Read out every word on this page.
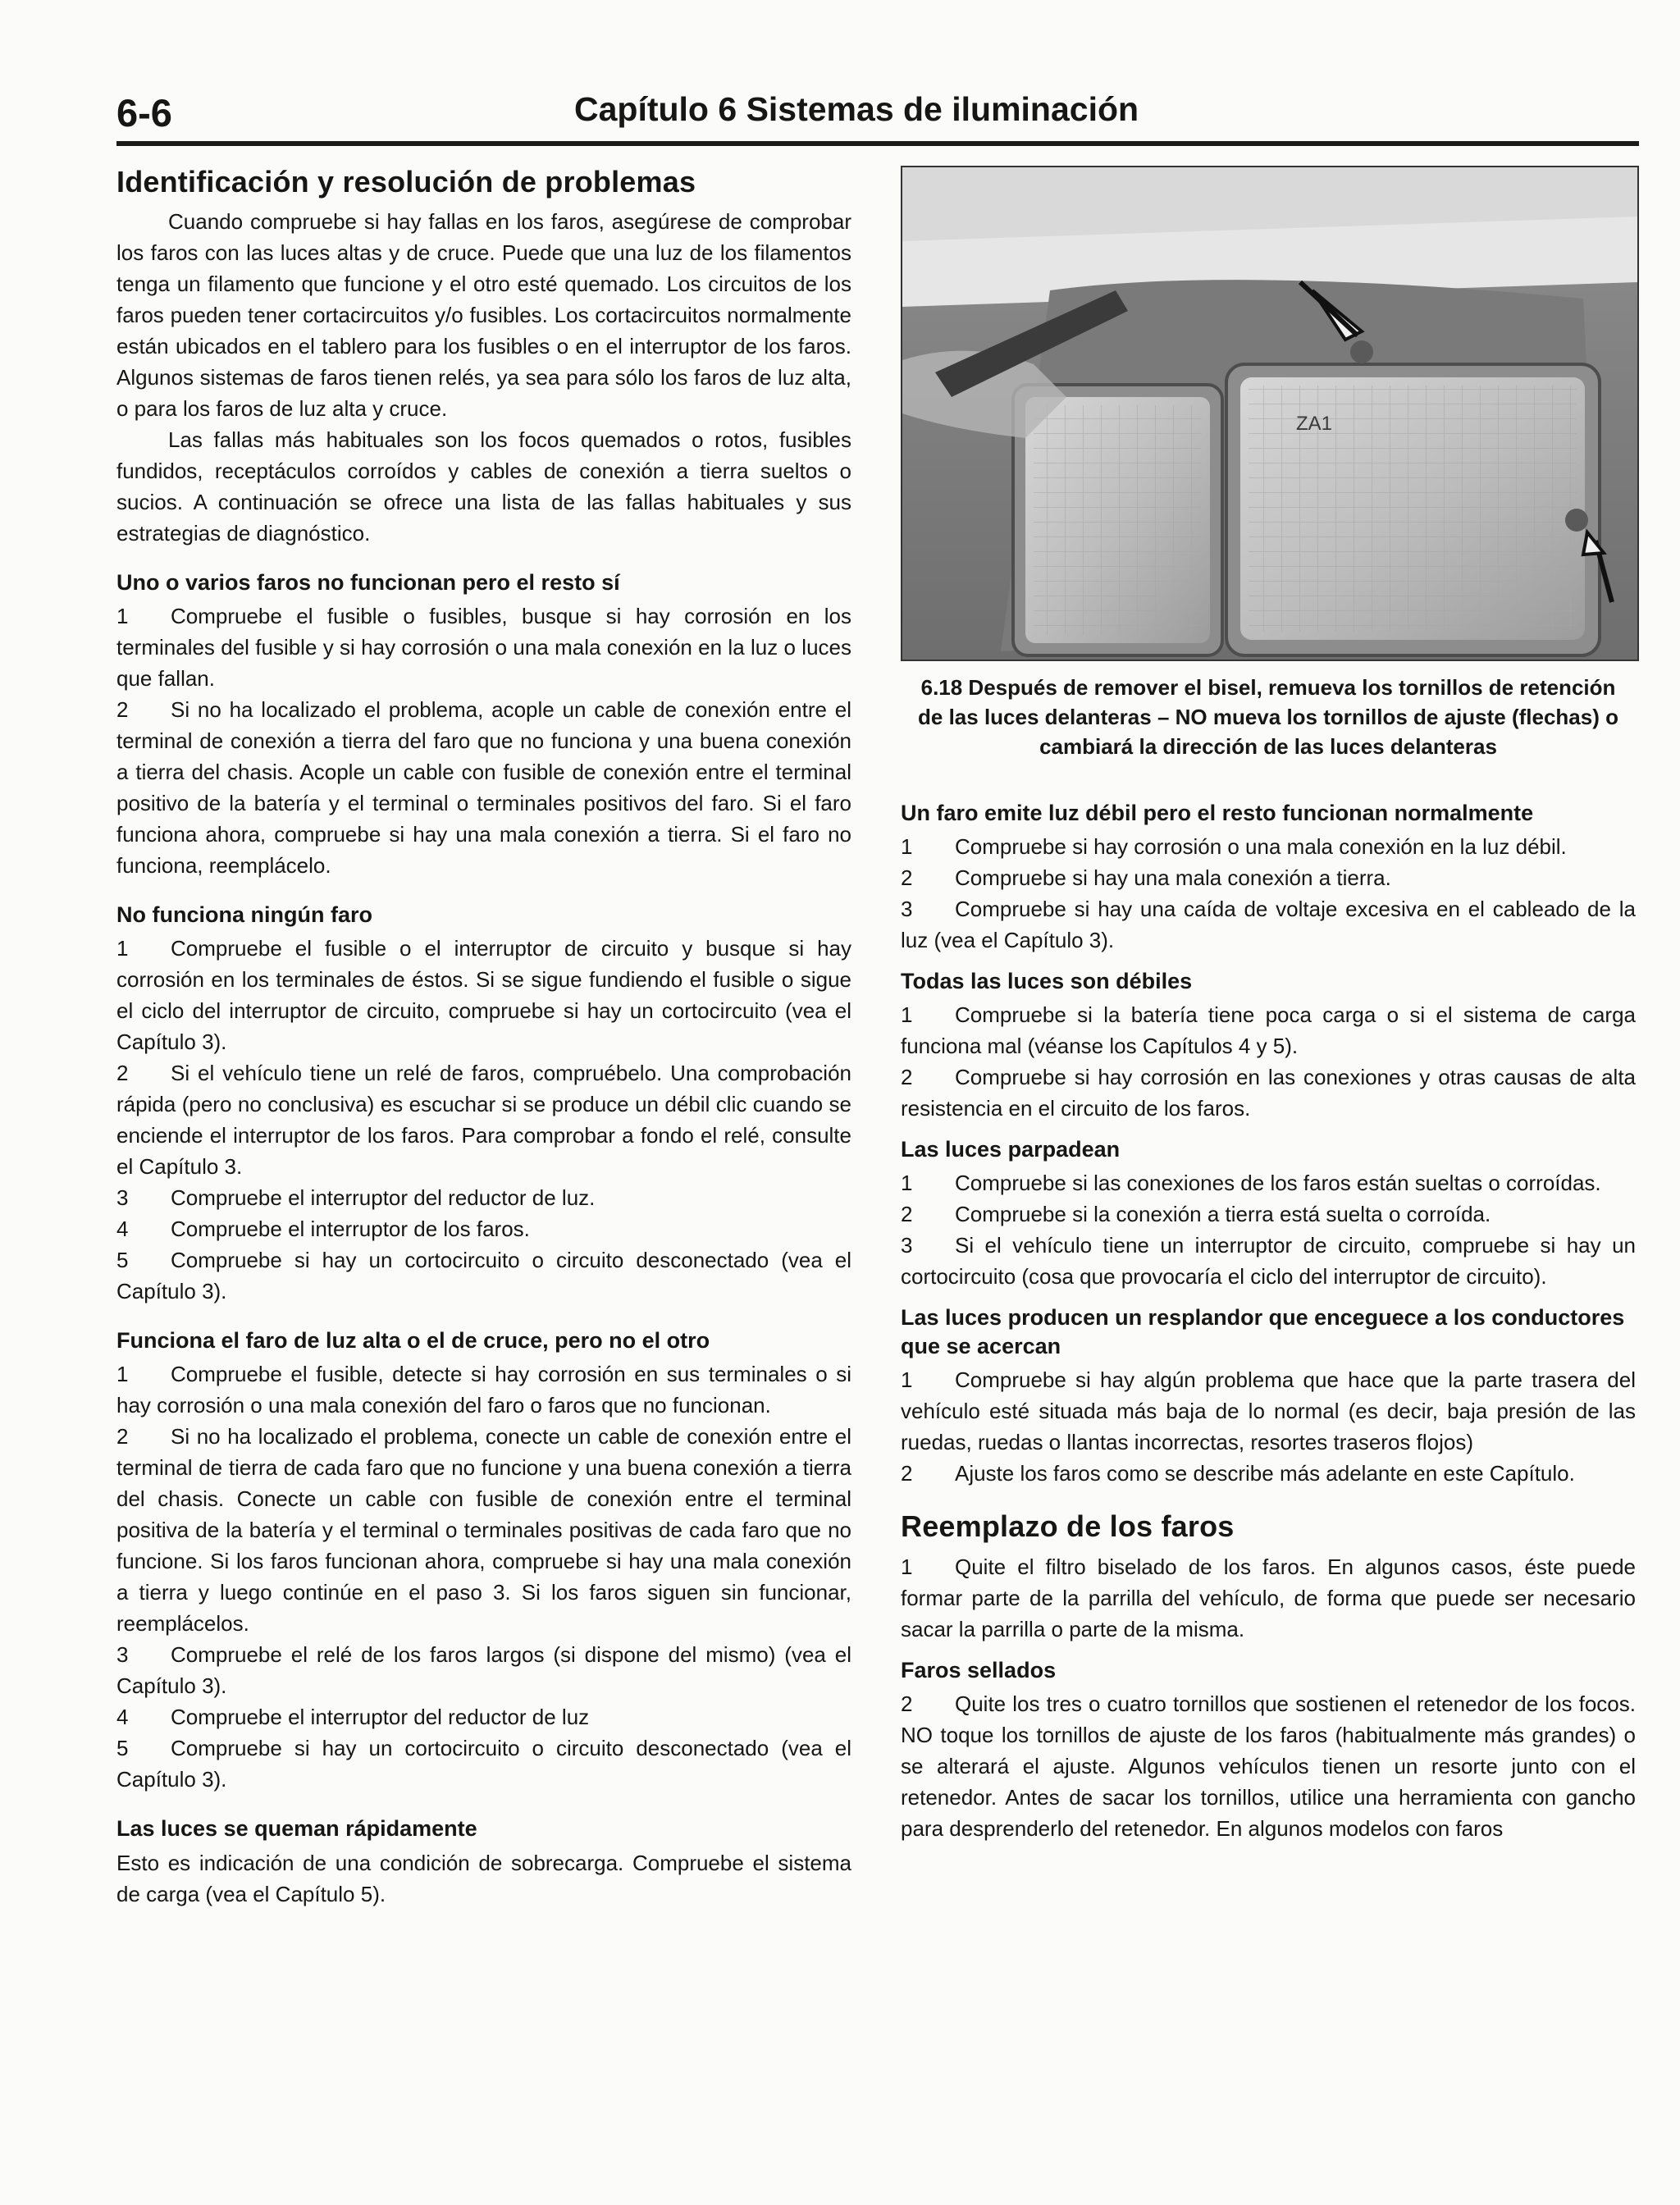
6-6	Capítulo 6 Sistemas de iluminación
Identificación y resolución de problemas

Cuando compruebe si hay fallas en los faros, asegúrese de comprobar los faros con las luces altas y de cruce. Puede que una luz de los filamentos tenga un filamento que funcione y el otro esté quemado. Los circuitos de los faros pueden tener cortacircuitos y/o fusibles. Los cortacircuitos normalmente están ubicados en el tablero para los fusibles o en el interruptor de los faros. Algunos sistemas de faros tienen relés, ya sea para sólo los faros de luz alta, o para los faros de luz alta y cruce.

Las fallas más habituales son los focos quemados o rotos, fusibles fundidos, receptáculos corroídos y cables de conexión a tierra sueltos o sucios. A continuación se ofrece una lista de las fallas habituales y sus estrategias de diagnóstico.

Uno o varios faros no funcionan pero el resto sí

1 Compruebe el fusible o fusibles, busque si hay corrosión en los terminales del fusible y si hay corrosión o una mala conexión en la luz o luces que fallan.

2 Si no ha localizado el problema, acople un cable de conexión entre el terminal de conexión a tierra del faro que no funciona y una buena conexión a tierra del chasis. Acople un cable con fusible de conexión entre el terminal positivo de la batería y el terminal o terminales positivos del faro. Si el faro funciona ahora, compruebe si hay una mala conexión a tierra. Si el faro no funciona, reemplácelo.

No funciona ningún faro

1 Compruebe el fusible o el interruptor de circuito y busque si hay corrosión en los terminales de éstos. Si se sigue fundiendo el fusible o sigue el ciclo del interruptor de circuito, compruebe si hay un cortocircuito (vea el Capítulo 3).

2 Si el vehículo tiene un relé de faros, compruébelo. Una comprobación rápida (pero no conclusiva) es escuchar si se produce un débil clic cuando se enciende el interruptor de los faros. Para comprobar a fondo el relé, consulte el Capítulo 3.

3 Compruebe el interruptor del reductor de luz.

4 Compruebe el interruptor de los faros.

5 Compruebe si hay un cortocircuito o circuito desconectado (vea el Capítulo 3).

Funciona el faro de luz alta o el de cruce, pero no el otro

1 Compruebe el fusible, detecte si hay corrosión en sus terminales o si hay corrosión o una mala conexión del faro o faros que no funcionan.

2 Si no ha localizado el problema, conecte un cable de conexión entre el terminal de tierra de cada faro que no funcione y una buena conexión a tierra del chasis. Conecte un cable con fusible de conexión entre el terminal positiva de la batería y el terminal o terminales positivas de cada faro que no funcione. Si los faros funcionan ahora, compruebe si hay una mala conexión a tierra y luego continúe en el paso 3. Si los faros siguen sin funcionar, reemplácelos.

3 Compruebe el relé de los faros largos (si dispone del mismo) (vea el Capítulo 3).

4 Compruebe el interruptor del reductor de luz

5 Compruebe si hay un cortocircuito o circuito desconectado (vea el Capítulo 3).

Las luces se queman rápidamente

Esto es indicación de una condición de sobrecarga. Compruebe el sistema de carga (vea el Capítulo 5).

ZA1
6.18 Después de remover el bisel, remueva los tornillos de retención de las luces delanteras – NO mueva los tornillos de ajuste (flechas) o cambiará la dirección de las luces delanteras
Un faro emite luz débil pero el resto funcionan normalmente

1 Compruebe si hay corrosión o una mala conexión en la luz débil.

2 Compruebe si hay una mala conexión a tierra.

3 Compruebe si hay una caída de voltaje excesiva en el cableado de la luz (vea el Capítulo 3).

Todas las luces son débiles

1 Compruebe si la batería tiene poca carga o si el sistema de carga funciona mal (véanse los Capítulos 4 y 5).

2 Compruebe si hay corrosión en las conexiones y otras causas de alta resistencia en el circuito de los faros.

Las luces parpadean

1 Compruebe si las conexiones de los faros están sueltas o corroídas.

2 Compruebe si la conexión a tierra está suelta o corroída.

3 Si el vehículo tiene un interruptor de circuito, compruebe si hay un cortocircuito (cosa que provocaría el ciclo del interruptor de circuito).

Las luces producen un resplandor que enceguece a los conductores que se acercan

1 Compruebe si hay algún problema que hace que la parte trasera del vehículo esté situada más baja de lo normal (es decir, baja presión de las ruedas, ruedas o llantas incorrectas, resortes traseros flojos)

2 Ajuste los faros como se describe más adelante en este Capítulo.

Reemplazo de los faros

1 Quite el filtro biselado de los faros. En algunos casos, éste puede formar parte de la parrilla del vehículo, de forma que puede ser necesario sacar la parrilla o parte de la misma.

Faros sellados

2 Quite los tres o cuatro tornillos que sostienen el retenedor de los focos. NO toque los tornillos de ajuste de los faros (habitualmente más grandes) o se alterará el ajuste. Algunos vehículos tienen un resorte junto con el retenedor. Antes de sacar los tornillos, utilice una herramienta con gancho para desprenderlo del retenedor. En algunos modelos con faros
